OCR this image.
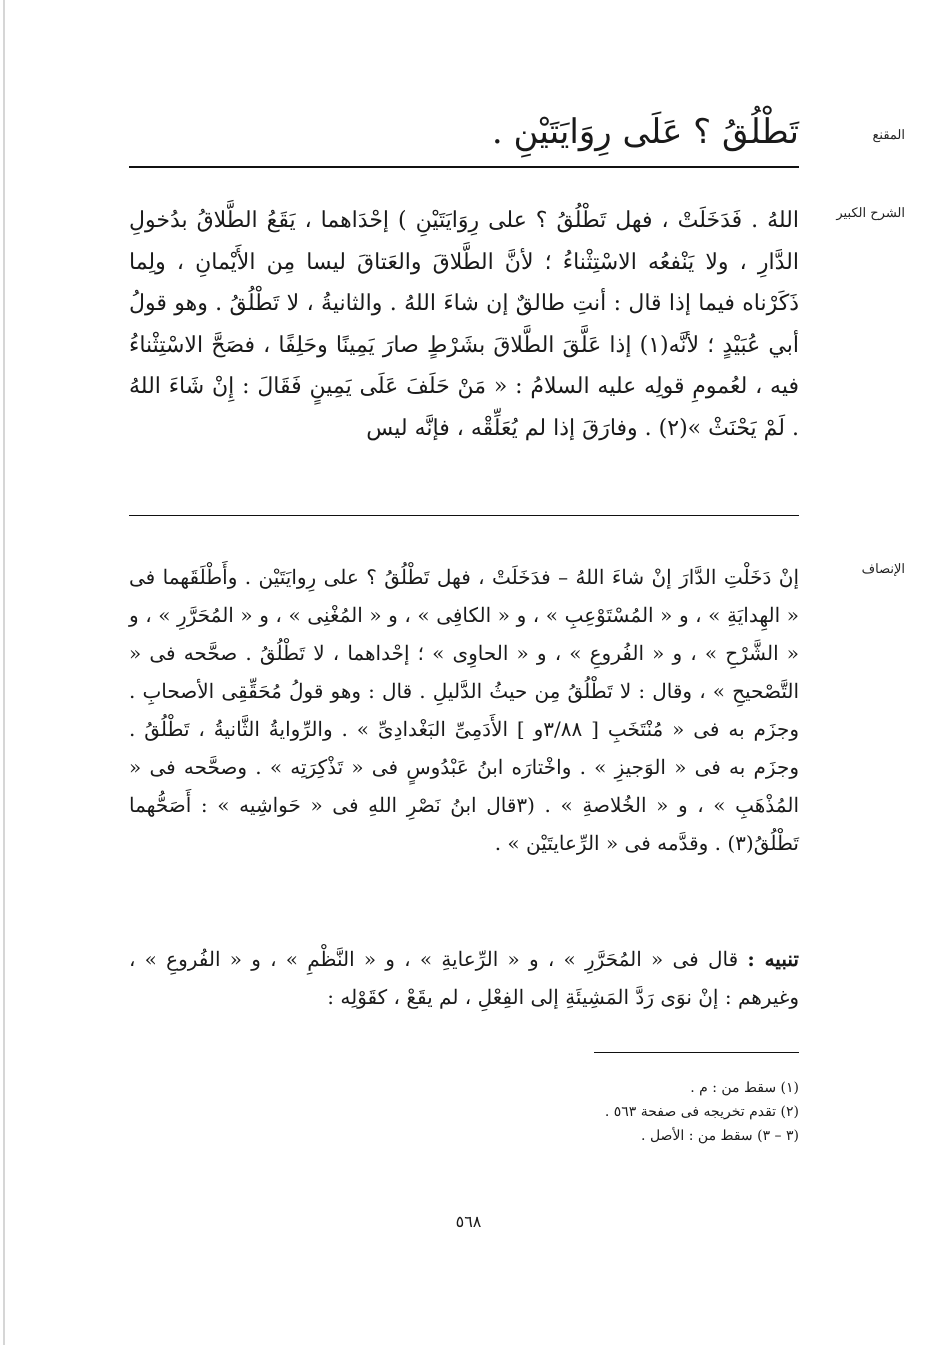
المقنع

تَطْلُقُ ؟ عَلَى رِوَايَتَيْنِ .

الشرح الكبير

اللهُ . فَدَخَلَتْ ، فهل تَطْلُقُ ؟ على رِوَايَتَيْنِ ) إحْدَاهما ، يَقَعُ الطَّلاقُ بدُخولِ الدَّارِ ، ولا يَنْفعُه الاسْتِثْناءُ ؛ لأنَّ الطَّلاقَ والعَتاقَ ليسا مِن الأَيْمانِ ، ولِما ذَكَرْناه فيما إذا قال : أنتِ طالقٌ إن شاءَ اللهُ . والثانيةُ ، لا تَطْلُقُ . وهو قولُ أبي عُبَيْدٍ ؛ لأنَّه(١) إذا عَلَّقَ الطَّلاقَ بشَرْطٍ صارَ يَمِينًا وحَلِفًا ، فصَحَّ الاسْتِثْناءُ فيه ، لعُمومِ قولِه عليه السلامُ : « مَنْ حَلَفَ عَلَى يَمِينٍ فَقَالَ : إِنْ شَاءَ اللهُ . لَمْ يَحْنَثْ »(٢) . وفارَقَ إذا لم يُعَلِّقْه ، فإنَّه ليس

الإنصاف

إنْ دَخَلْتِ الدَّارَ إنْ شاءَ اللهُ – فدَخَلَتْ ، فهل تَطْلُقُ ؟ على رِوايَتَيْن . وأَطْلَقَهما فى « الهِدايَةِ » ، و « المُسْتَوْعِبِ » ، و « الكافِى » ، و « المُغْنِى » ، و « المُحَرَّرِ » ، و « الشَّرْحِ » ، و « الفُروعِ » ، و « الحاوِى » ؛ إحْداهما ، لا تَطْلُقُ . صحَّحه فى « التَّصْحيحِ » ، وقال : لا تَطْلُقُ مِن حيثُ الدَّليلِ . قال : وهو قولُ مُحَقِّقِى الأصحابِ . وجزَم به فى « مُنْتَخَبِ [ ٣/٨٨و ] الأَدَمِىِّ البَغْدادِىِّ » . والرِّوايةُ الثَّانيةُ ، تَطْلُقُ . وجزَم به فى « الوَجيزِ » . واخْتارَه ابنُ عَبْدُوسٍ فى « تَذْكِرَتِه » . وصحَّحه فى « المُذْهَبِ » ، و « الخُلاصةِ » . (٣قال ابنُ نَصْرِ اللهِ فى « حَواشِيه » : أَصَحُّهما تَطْلُقُ(٣) . وقدَّمه فى « الرِّعايتَيْن » .

تنبيه : قال فى « المُحَرَّرِ » ، و « الرِّعايةِ » ، و « النَّظْمِ » ، و « الفُروعِ » ، وغيرهم : إنْ نوَى رَدَّ المَشِيئَةِ إلى الفِعْلِ ، لم يقَعْ ، كقَوْلِه :

(١) سقط من : م .
(٢) تقدم تخريجه فى صفحة ٥٦٣ .
(٣ – ٣) سقط من : الأصل .
٥٦٨
